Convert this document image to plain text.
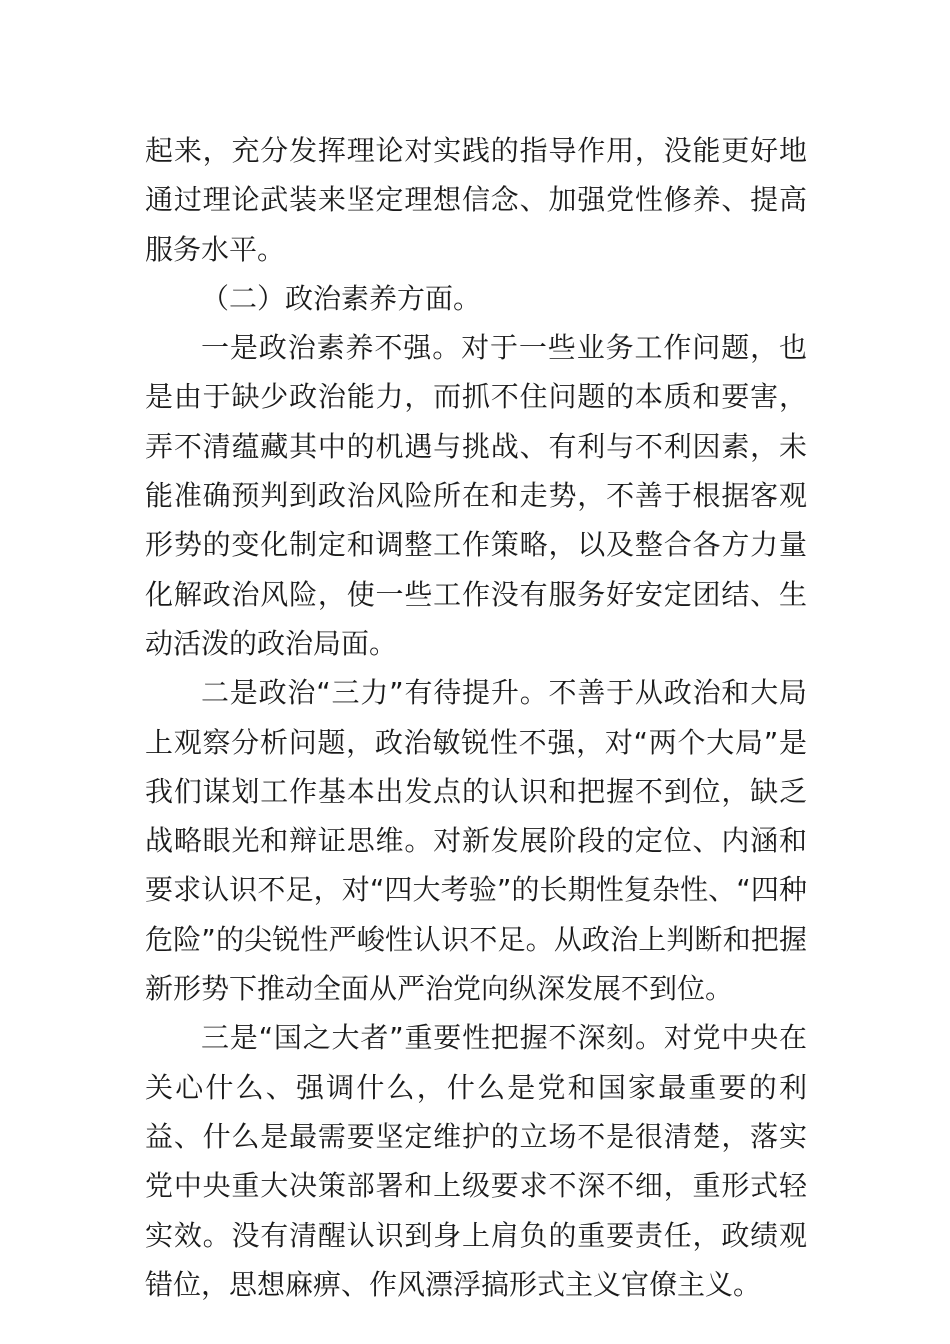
起来，充分发挥理论对实践的指导作用，没能更好地通过理论武装来坚定理想信念、加强党性修养、提高服务水平。

（二）政治素养方面。

一是政治素养不强。对于一些业务工作问题，也是由于缺少政治能力，而抓不住问题的本质和要害，弄不清蕴藏其中的机遇与挑战、有利与不利因素，未能准确预判到政治风险所在和走势，不善于根据客观形势的变化制定和调整工作策略，以及整合各方力量化解政治风险，使一些工作没有服务好安定团结、生动活泼的政治局面。

二是政治“三力”有待提升。不善于从政治和大局上观察分析问题，政治敏锐性不强，对“两个大局”是我们谋划工作基本出发点的认识和把握不到位，缺乏战略眼光和辩证思维。对新发展阶段的定位、内涵和要求认识不足，对“四大考验”的长期性复杂性、“四种危险”的尖锐性严峻性认识不足。从政治上判断和把握新形势下推动全面从严治党向纵深发展不到位。

三是“国之大者”重要性把握不深刻。对党中央在关心什么、强调什么，什么是党和国家最重要的利益、什么是最需要坚定维护的立场不是很清楚，落实党中央重大决策部署和上级要求不深不细，重形式轻实效。没有清醒认识到身上肩负的重要责任，政绩观错位，思想麻痹、作风漂浮搞形式主义官僚主义。
